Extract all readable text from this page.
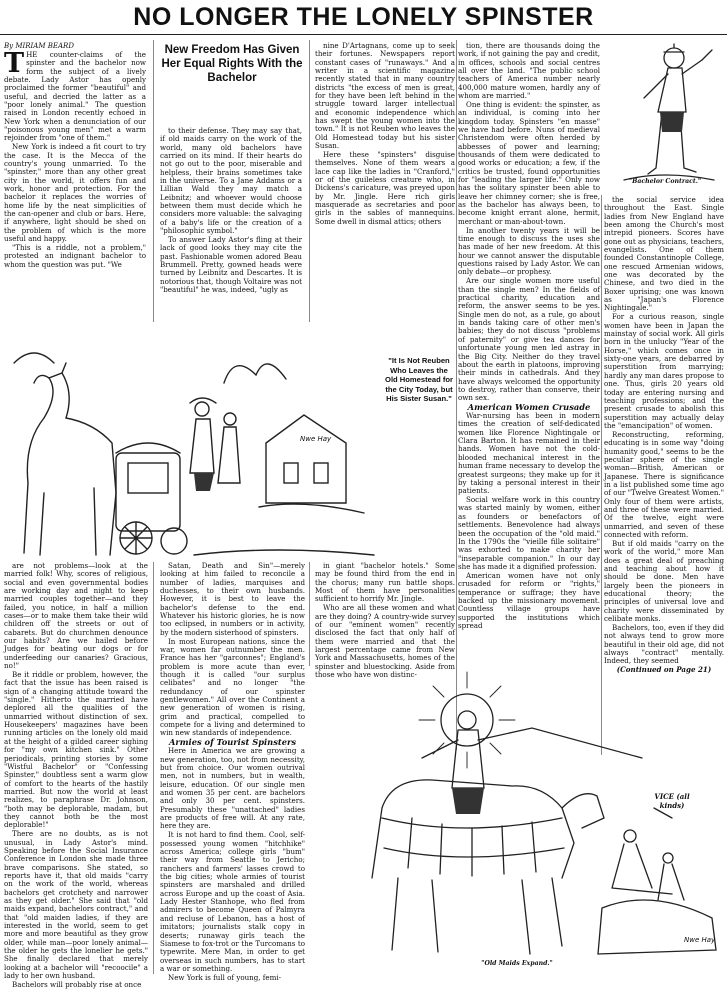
NO LONGER THE LONELY SPINSTER

By MIRIAM BEARD

THE counter-claims of the spinster and the bachelor now form the subject of a lively debate. Lady Astor has openly proclaimed the former "beautiful" and useful, and decried the latter as a "poor lonely animal." The question raised in London recently echoed in New York when a denunciation of our "poisonous young men" met a warm rejoinder from "one of them."

New York is indeed a fit court to try the case. It is the Mecca of the country's young unmarried. To the "spinster," more than any other great city in the world, it offers fun and work, honor and protection. For the bachelor it replaces the worries of home life by the neat simplicities of the can-opener and club or bars. Here, if anywhere, light should be shed on the problem of which is the more useful and happy.

"This is a riddle, not a problem," protested an indignant bachelor to whom the question was put. "We

New Freedom Has Given Her Equal Rights With the Bachelor

to their defense. They may say that, if old maids carry on the work of the world, many old bachelors have carried on its mind. If their hearts do not go out to the poor, miserable and helpless, their brains sometimes take in the universe. To a Jane Addams or a Lillian Wald they may match a Leibnitz; and whoever would choose between them must decide which he considers more valuable: the salvaging of a baby's life or the creation of a "philosophic symbol."

To answer Lady Astor's fling at their lack of good looks they may cite the past. Fashionable women adored Beau Brummell. Pretty, gowned heads were turned by Leibnitz and Descartes. It is notorious that, though Voltaire was not "beautiful" he was, indeed, "ugly as

nine D'Artagnans, come up to seek their fortunes. Newspapers report constant cases of "runaways." And a writer in a scientific magazine recently stated that in many country districts "the excess of men is great, for they have been left behind in the struggle toward larger intellectual and economic independence which has swept the young women into the town." It is not Reuben who leaves the Old Homestead today but his sister Susan.

Here these "spinsters" disguise themselves. None of them wears a lace cap like the ladies in "Cranford," or of the guileless creature who, in Dickens's caricature, was preyed upon by Mr. Jingle. Here rich girls masquerade as secretaries and poor girls in the sables of mannequins. Some dwell in dismal attics; others

tion, there are thousands doing the work, if not gaining the pay and credit, in offices, schools and social centres all over the land. "The public school teachers of America number nearly 400,000 mature women, hardly any of whom are married."

One thing is evident: the spinster, as an individual, is coming into her kingdom today. Spinsters "en masse" we have had before. Nuns of medieval Christendom were often herded by abbesses of power and learning; thousands of them were dedicated to good works or education; a few, if the critics be trusted, found opportunities for "leading the larger life." Only now has the solitary spinster been able to leave her chimney corner; she is free, as the bachelor has always been, to become knight errant alone, hermit, merchant or man-about-town.

In another twenty years it will be time enough to discuss the uses she has made of her new freedom. At this hour we cannot answer the disputable questions raised by Lady Astor. We can only debate—or prophesy.

Are our single women more useful than the single men? In the fields of practical charity, education and reform, the answer seems to be yes. Single men do not, as a rule, go about in bands taking care of other men's babies; they do not discuss "problems of paternity" or give tea dances for unfortunate young men led astray in the Big City. Neither do they travel about the earth in platoons, improving their minds in cathedrals. And they have always welcomed the opportunity to destroy, rather than conserve, their own sex.

American Women Crusade

War-nursing has been in modern times the creation of self-dedicated women like Florence Nightingale or Clara Barton. It has remained in their hands. Women have not the cold-blooded mechanical interest in the human frame necessary to develop the greatest surgeons; they make up for it by taking a personal interest in their patients.

Social welfare work in this country was started mainly by women, either as founders or benefactors of settlements. Benevolence had always been the occupation of the "old maid." In the 1790s the "vieille fille solitaire" was exhorted to make charity her "inseparable companion." In our day she has made it a dignified profession.

American women have not only crusaded for reform or "rights," temperance or suffrage; they have backed up the missionary movement. Countless village groups have supported the institutions which spread

the social service idea throughout the East. Single ladies from New England have been among the Church's most intrepid pioneers. Scores have gone out as physicians, teachers, evangelists. One of them founded Constantinople College, one rescued Armenian widows, one was decorated by the Chinese, and two died in the Boxer uprising; one was known as "Japan's Florence Nightingale."

For a curious reason, single women have been in Japan the mainstay of social work. All girls born in the unlucky "Year of the Horse," which comes once in sixty-one years, are debarred by superstition from marrying; hardly any man dares propose to one. Thus, girls 20 years old today are entering nursing and teaching professions; and the present crusade to abolish this superstition may actually delay the "emancipation" of women.

Reconstructing, reforming, educating is in some way "doing humanity good," seems to be the peculiar sphere of the single woman—British, American or Japanese. There is significance in a list published some time ago of our "Twelve Greatest Women." Only four of them were artists, and three of these were married. Of the twelve, eight were unmarried, and seven of these connected with reform.

But if old maids "carry on the work of the world," more Man does a great deal of preaching and teaching about how it should be done. Men have largely been the pioneers in educational theory; the principles of universal love and charity were disseminated by celibate monks.

Bachelors, too, even if they did not always tend to grow more beautiful in their old age, did not always "contract" mentally. Indeed, they seemed

(Continued on Page 21)

are not problems—look at the married folk! Why, scores of religious, social and even governmental bodies are working day and night to keep married couples together—and they failed, you notice, in half a million cases—or to make them take their wild children off the streets or out of cabarets. But do churchmen denounce our habits? Are we hailed before Judges for beating our dogs or for underfeeding our canaries? Gracious, no!"

Be it riddle or problem, however, the fact that the issue has been raised is sign of a changing attitude toward the "single." Hitherto the married have deplored all the qualities of the unmarried without distinction of sex. Housekeepers' magazines have been running articles on the lonely old maid at the height of a gilded career sighing for "my own kitchen sink." Other periodicals, printing stories by some "Wistful Bachelor" or "Confessing Spinster," doubtless sent a warm glow of comfort to the hearts of the hastily married. But now the world at least realizes, to paraphrase Dr. Johnson, "both may be deplorable, madam, but they cannot both be the most deplorable!"

There are no doubts, as is not unusual, in Lady Astor's mind. Speaking before the Social Insurance Conference in London she made three brave comparisons. She stated, so reports have it, that old maids "carry on the work of the world, whereas bachelors get crotchety and narrower as they get older." She said that "old maids expand, bachelors contract," and that "old maiden ladies, if they are interested in the world, seem to get more and more beautiful as they grow older, while man—poor lonely animal—the older he gets the lonelier he gets." She finally declared that merely looking at a bachelor will "recoocile" a lady to her own husband.

Bachelors will probably rise at once

Satan, Death and Sin"—merely looking at him failed to reconcile a number of ladies, marquises and duchesses, to their own husbands. However, it is best to leave the bachelor's defense to the end. Whatever his historic glories, he is now too eclipsed, in numbers or in activity, by the modern sisterhood of spinsters.

In most European nations, since the war, women far outnumber the men. France has her "garconnes"; England's problem is more acute than ever, though it is called "our surplus celibates" and no longer "the redundancy of our spinster gentlewomen." All over the Continent a new generation of women is rising, grim and practical, compelled to compete for a living and determined to win new standards of independence.

Armies of Tourist Spinsters

Here in America we are growing a new generation, too, not from necessity, but from choice. Our women outrival men, not in numbers, but in wealth, leisure, education. Of our single men and women 35 per cent. are bachelors and only 30 per cent. spinsters. Presumably these "unattached" ladies are products of free will. At any rate, here they are.

It is not hard to find them. Cool, self-possessed young women "hitchhike" across America; college girls "bum" their way from Seattle to Jericho; ranchers and farmers' lasses crowd to the big cities; whole armies of tourist spinsters are marshaled and drilled across Europe and up the coast of Asia. Lady Hester Stanhope, who fled from admirers to become Queen of Palmyra and recluse of Lebanon, has a host of imitators; journalists stalk copy in deserts; runaway girls teach the Siamese to fox-trot or the Turcomans to typewrite. Mere Man, in order to get overseas in such numbers, has to start a war or something.

New York is full of young, femi-

in giant "bachelor hotels." Some may be found third from the end in the chorus; many run battle shops. Most of them have personalities sufficient to horrify Mr. Jingle.

Who are all these women and what are they doing? A country-wide survey of our "eminent women" recently disclosed the fact that only half of them were married and that the largest percentage came from New York and Massachusetts, homes of the spinster and bluestocking. Aside from those who have won distinc-

Nwe Hay
"It Is Not Reuben Who Leaves the Old Homestead for the City Today, but His Sister Susan."
"Bachelor Contract."
VICE (all kinds)
"Old Maids Expand."
Nwe Hay
